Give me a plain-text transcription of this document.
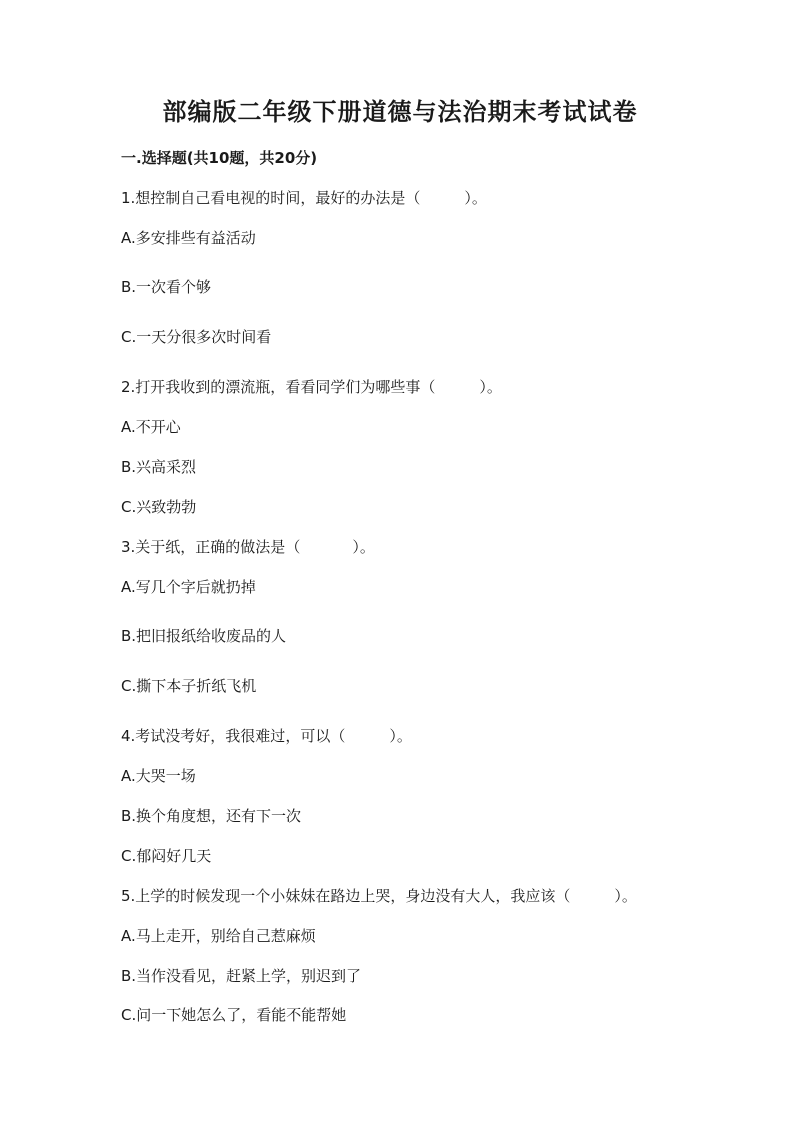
部编版二年级下册道德与法治期末考试试卷
一.选择题(共10题，共20分)
1.想控制自己看电视的时间，最好的办法是（	）。
A.多安排些有益活动
B.一次看个够
C.一天分很多次时间看
2.打开我收到的漂流瓶，看看同学们为哪些事（	）。
A.不开心
B.兴高采烈
C.兴致勃勃
3.关于纸，正确的做法是（	）。
A.写几个字后就扔掉
B.把旧报纸给收废品的人
C.撕下本子折纸飞机
4.考试没考好，我很难过，可以（	）。
A.大哭一场
B.换个角度想，还有下一次
C.郁闷好几天
5.上学的时候发现一个小妹妹在路边上哭，身边没有大人，我应该（	）。
A.马上走开，别给自己惹麻烦
B.当作没看见，赶紧上学，别迟到了
C.问一下她怎么了，看能不能帮她
